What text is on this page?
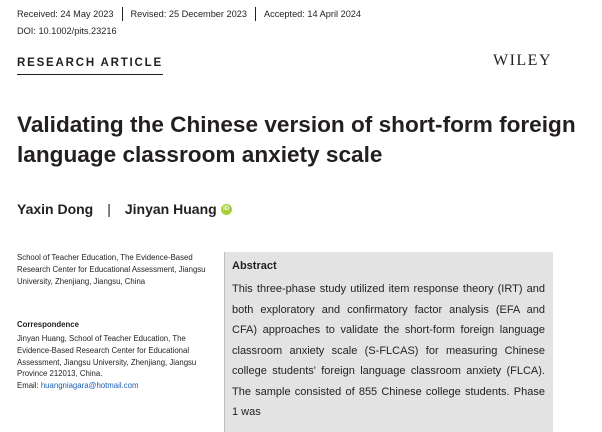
Received: 24 May 2023 Revised: 25 December 2023 Accepted: 14 April 2024
DOI: 10.1002/pits.23216
RESEARCH ARTICLE	WILEY
Validating the Chinese version of short-form foreign language classroom anxiety scale
Yaxin Dong | Jinyan Huang	iD
School of Teacher Education, The Evidence-Based Research Center for Educational Assessment, Jiangsu University, Zhenjiang, Jiangsu, China
Correspondence
Jinyan Huang, School of Teacher Education, The Evidence-Based Research Center for Educational Assessment, Jiangsu University, Zhenjiang, Jiangsu Province 212013, China.
Email: huangniagara@hotmail.com
Abstract
This three-phase study utilized item response theory (IRT) and both exploratory and confirmatory factor analysis (EFA and CFA) approaches to validate the short-form foreign language classroom anxiety scale (S-FLCAS) for measuring Chinese college students' foreign language classroom anxiety (FLCA). The sample consisted of 855 Chinese college students. Phase 1 was
